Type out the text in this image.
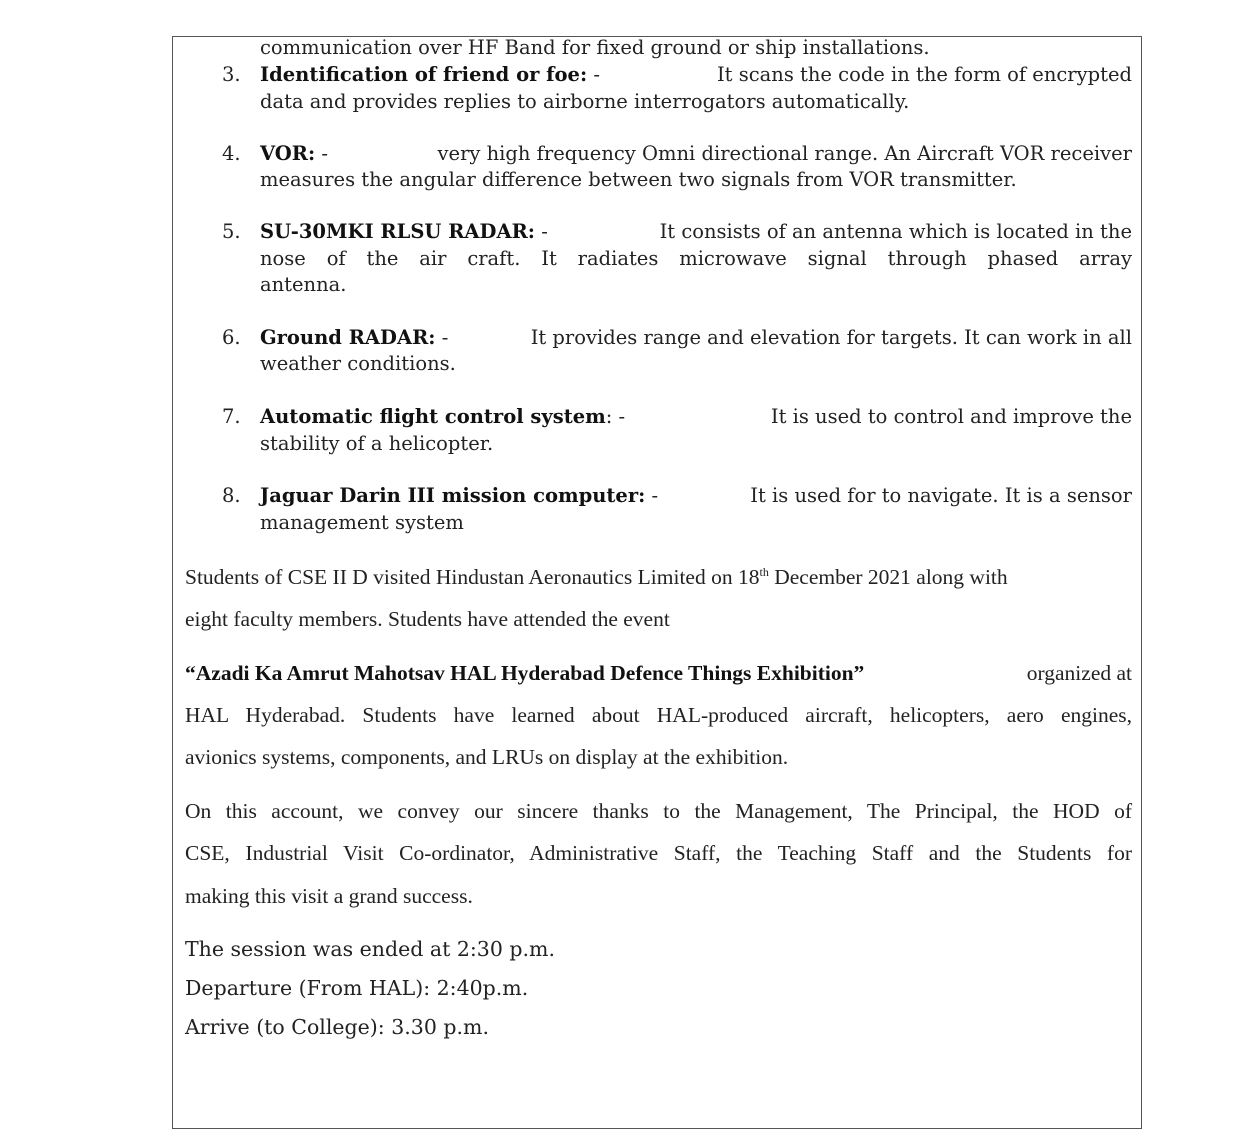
communication over HF Band for fixed ground or ship installations.
3. Identification of friend or foe: -	It scans the code in the form of encrypted
data and provides replies to airborne interrogators automatically.
4. VOR: -	very high frequency Omni directional range. An Aircraft VOR receiver
measures the angular difference between two signals from VOR transmitter.
5. SU-30MKI RLSU RADAR: -	It consists of an antenna which is located in the
nose of the air craft. It radiates microwave signal through phased array
antenna.
6. Ground RADAR: -	It provides range and elevation for targets. It can work in all
weather conditions.
7. Automatic flight control system: -	It is used to control and improve the
stability of a helicopter.
8. Jaguar Darin III mission computer: -	It is used for to navigate. It is a sensor
management system
Students of CSE II D visited Hindustan Aeronautics Limited on 18th December 2021 along with
eight faculty members. Students have attended the event
“Azadi Ka Amrut Mahotsav HAL Hyderabad Defence Things Exhibition”	organized at
HAL Hyderabad. Students have learned about HAL-produced aircraft, helicopters, aero engines,
avionics systems, components, and LRUs on display at the exhibition.
On this account, we convey our sincere thanks to the Management, The Principal, the HOD of
CSE, Industrial Visit Co-ordinator, Administrative Staff, the Teaching Staff and the Students for
making this visit a grand success.
The session was ended at 2:30 p.m.
Departure (From HAL): 2:40p.m.
Arrive (to College): 3.30 p.m.
